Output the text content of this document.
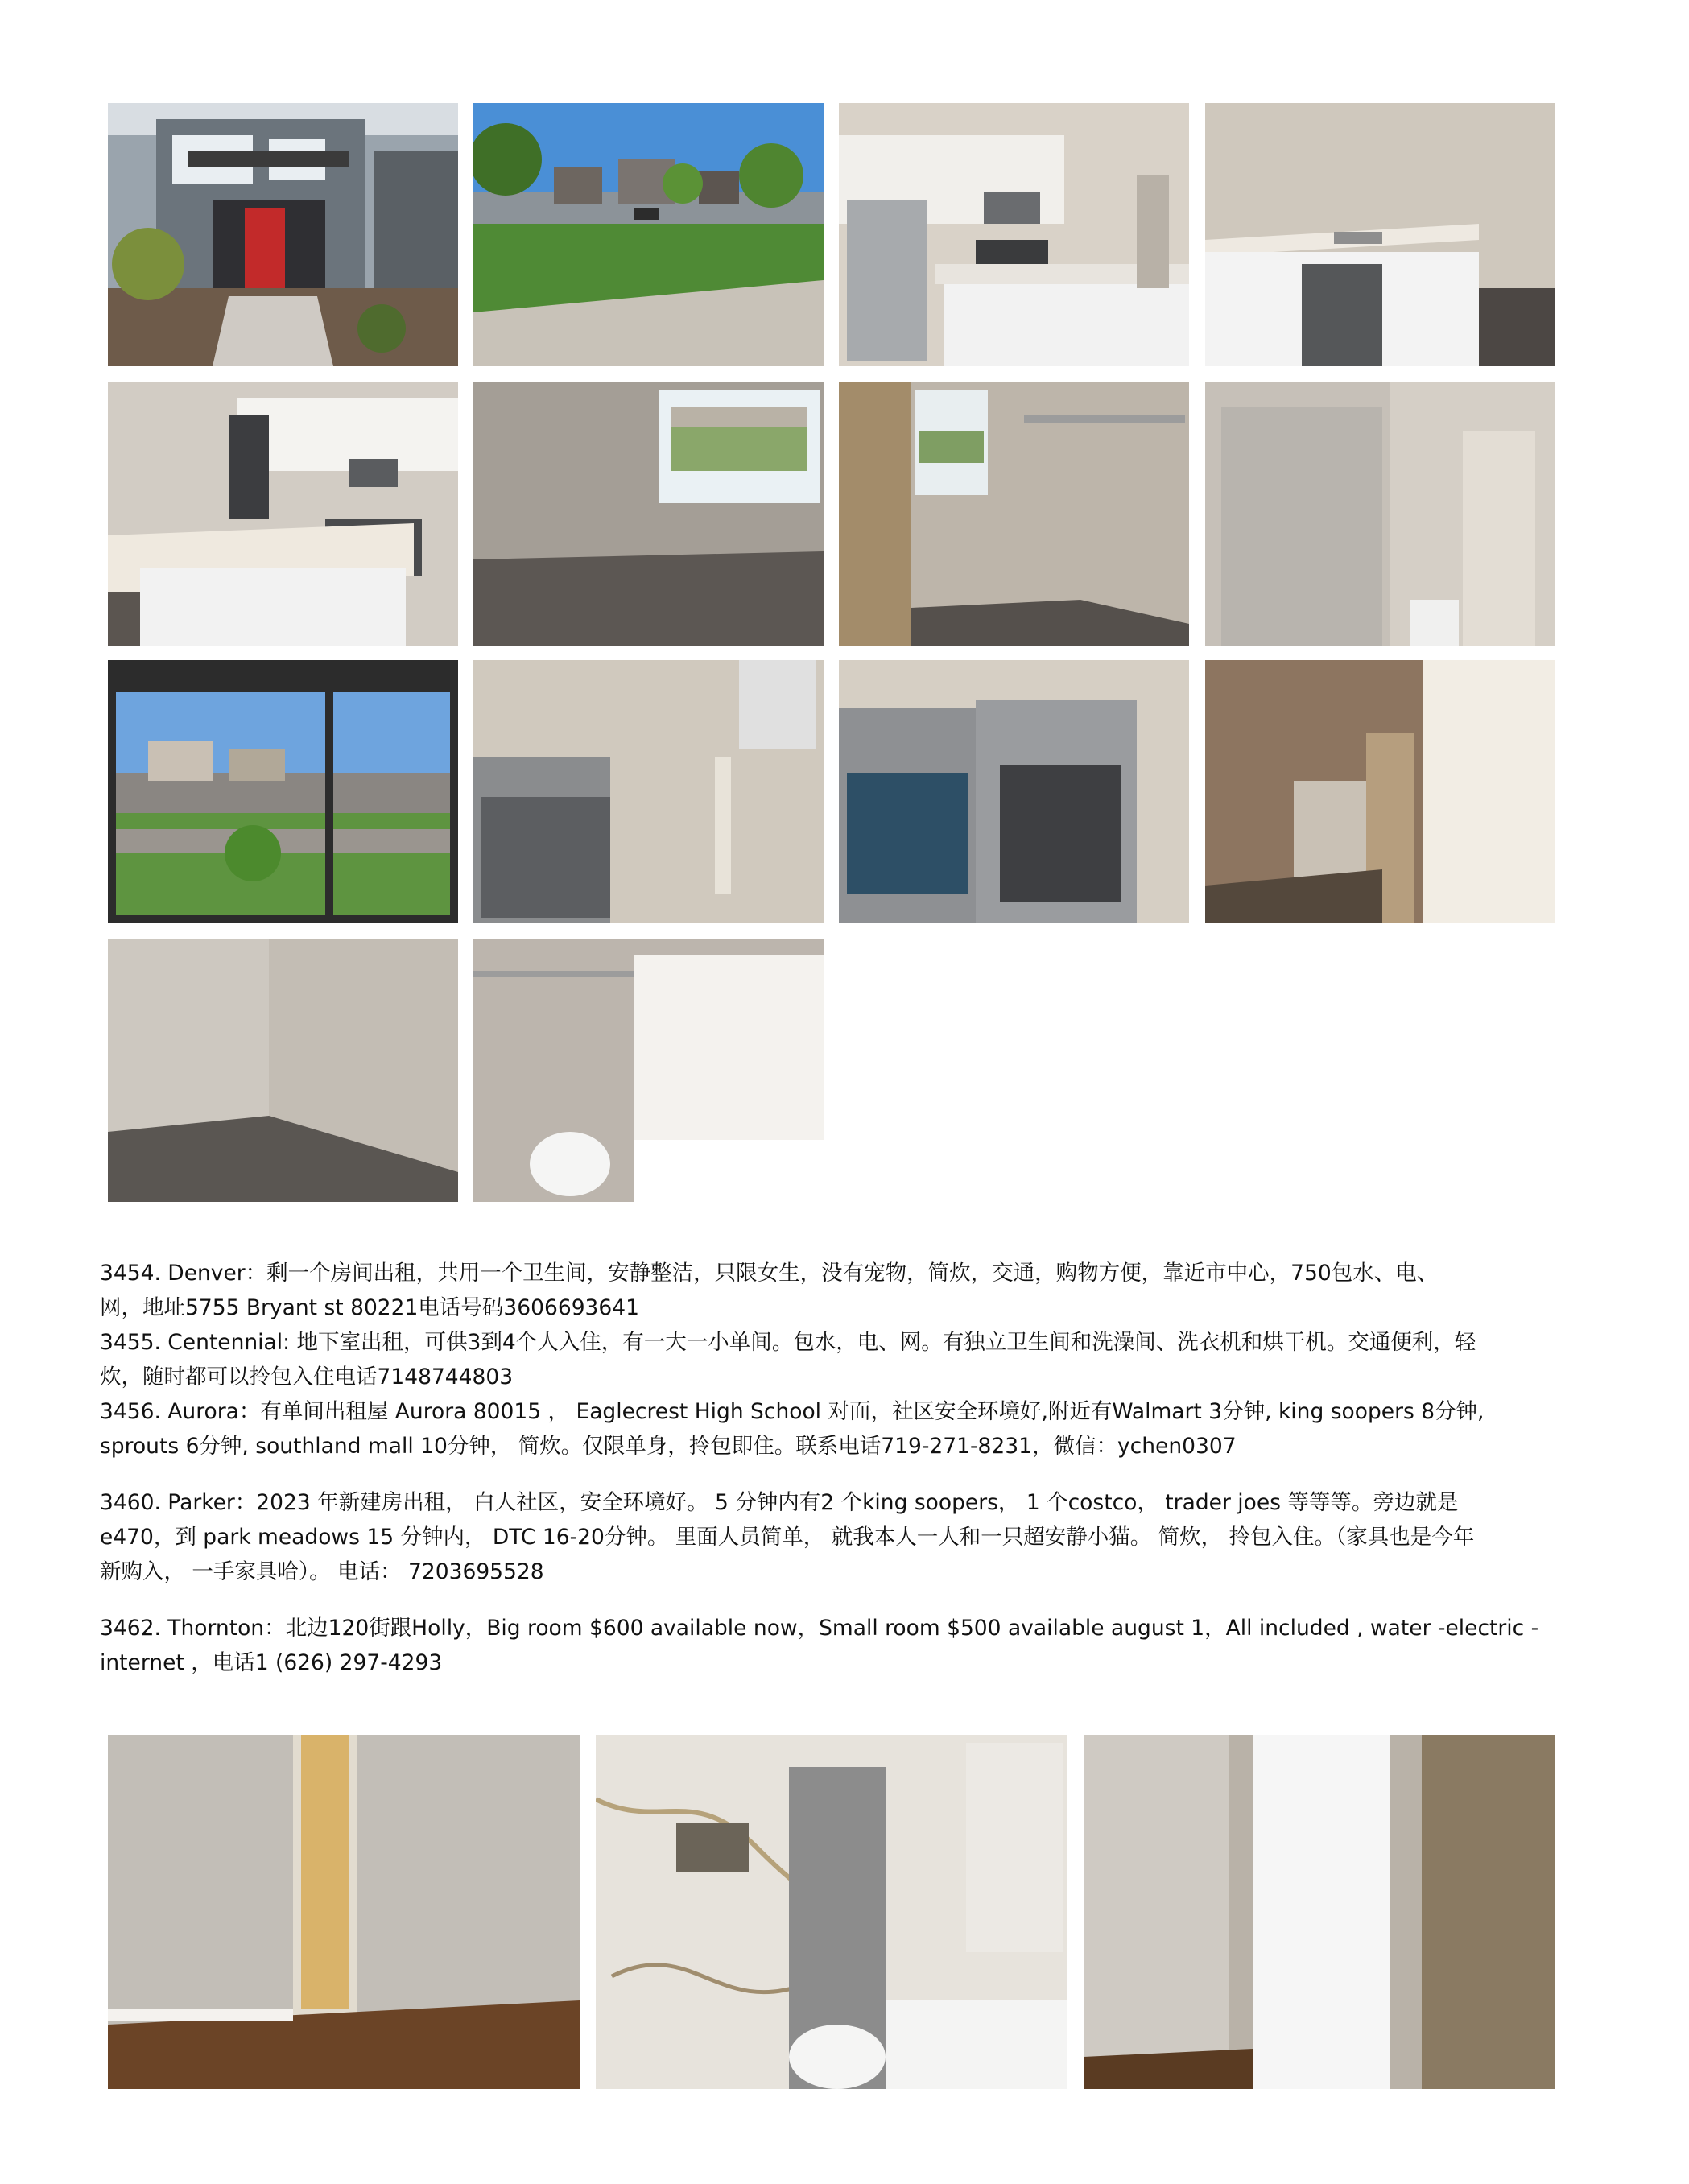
3454. Denver：剩一个房间出租，共用一个卫生间，安静整洁，只限女生，没有宠物，简炊，交通，购物方便，靠近市中心，750包水、电、

网，地址5755 Bryant st 80221电话号码3606693641

3455. Centennial: 地下室出租，可供3到4个人入住，有一大一小单间。包水，电、网。有独立卫生间和洗澡间、洗衣机和烘干机。交通便利，轻

炊，随时都可以拎包入住电话7148744803

3456. Aurora：有单间出租屋 Aurora 80015 ， Eaglecrest High School 对面，社区安全环境好,附近有Walmart 3分钟, king soopers 8分钟,

sprouts 6分钟, southland mall 10分钟， 简炊。仅限单身，拎包即住。联系电话719-271-8231，微信：ychen0307

3460. Parker：2023 年新建房出租， 白人社区，安全环境好。 5 分钟内有2 个king soopers， 1 个costco， trader joes 等等等。旁边就是

e470，到 park meadows 15 分钟内， DTC 16-20分钟。 里面人员简单， 就我本人一人和一只超安静小猫。 简炊， 拎包入住。（家具也是今年

新购入， 一手家具哈）。 电话： 7203695528

3462. Thornton：北边120街跟Holly，Big room $600 available now，Small room $500 available august 1，All included , water -electric -

internet ，电话1 (626) 297-4293
